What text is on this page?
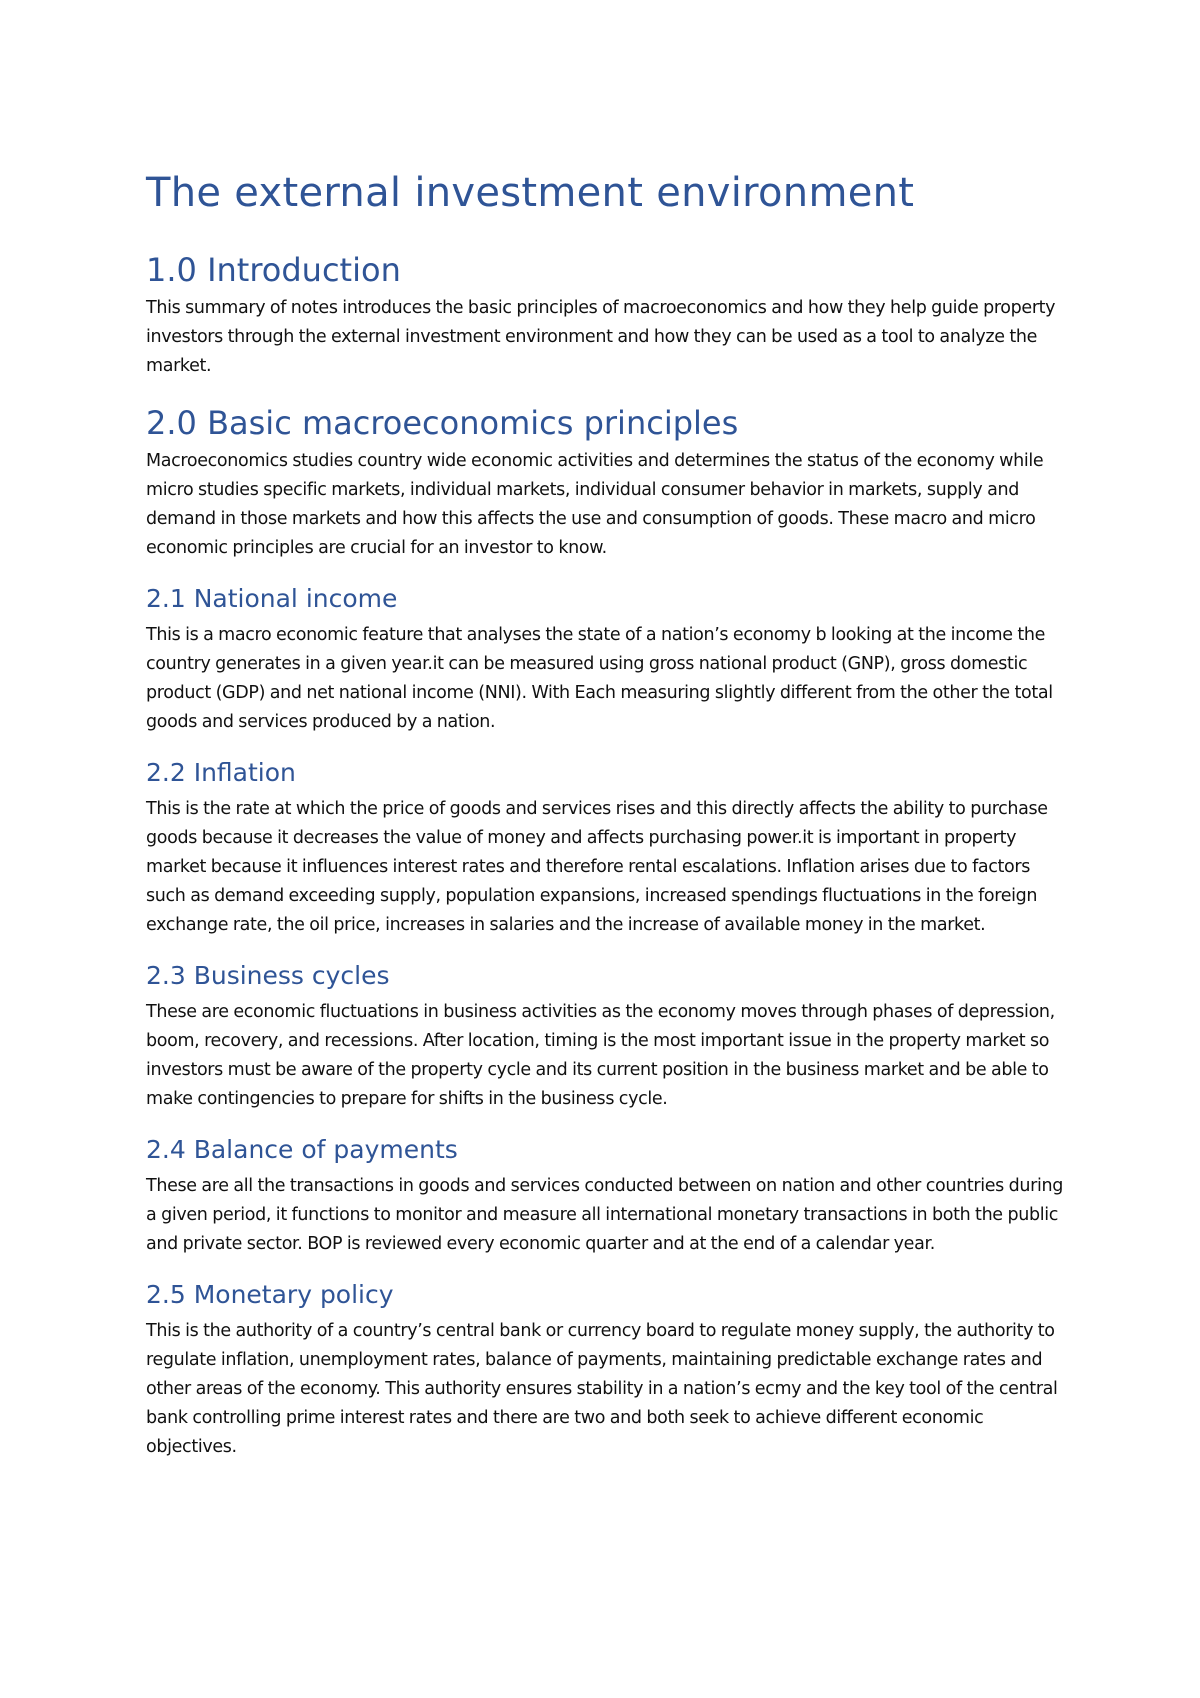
The external investment environment
1.0 Introduction

This summary of notes introduces the basic principles of macroeconomics and how they help guide property investors through the external investment environment and how they can be used as a tool to analyze the market.

2.0 Basic macroeconomics principles

Macroeconomics studies country wide economic activities and determines the status of the economy while micro studies specific markets, individual markets, individual consumer behavior in markets, supply and demand in those markets and how this affects the use and consumption of goods. These macro and micro economic principles are crucial for an investor to know.

2.1 National income

This is a macro economic feature that analyses the state of a nation’s economy b looking at the income the country generates in a given year.it can be measured using gross national product (GNP), gross domestic product (GDP) and net national income (NNI). With Each measuring slightly different from the other the total goods and services produced by a nation.

2.2 Inflation

This is the rate at which the price of goods and services rises and this directly affects the ability to purchase goods because it decreases the value of money and affects purchasing power.it is important in property market because it influences interest rates and therefore rental escalations. Inflation arises due to factors such as demand exceeding supply, population expansions, increased spendings fluctuations in the foreign exchange rate, the oil price, increases in salaries and the increase of available money in the market.

2.3 Business cycles

These are economic fluctuations in business activities as the economy moves through phases of depression, boom, recovery, and recessions. After location, timing is the most important issue in the property market so investors must be aware of the property cycle and its current position in the business market and be able to make contingencies to prepare for shifts in the business cycle.

2.4 Balance of payments

These are all the transactions in goods and services conducted between on nation and other countries during a given period, it functions to monitor and measure all international monetary transactions in both the public and private sector. BOP is reviewed every economic quarter and at the end of a calendar year.

2.5 Monetary policy

This is the authority of a country’s central bank or currency board to regulate money supply, the authority to regulate inflation, unemployment rates, balance of payments, maintaining predictable exchange rates and other areas of the economy. This authority ensures stability in a nation’s ecmy and the key tool of the central bank controlling prime interest rates and there are two and both seek to achieve different economic objectives.
